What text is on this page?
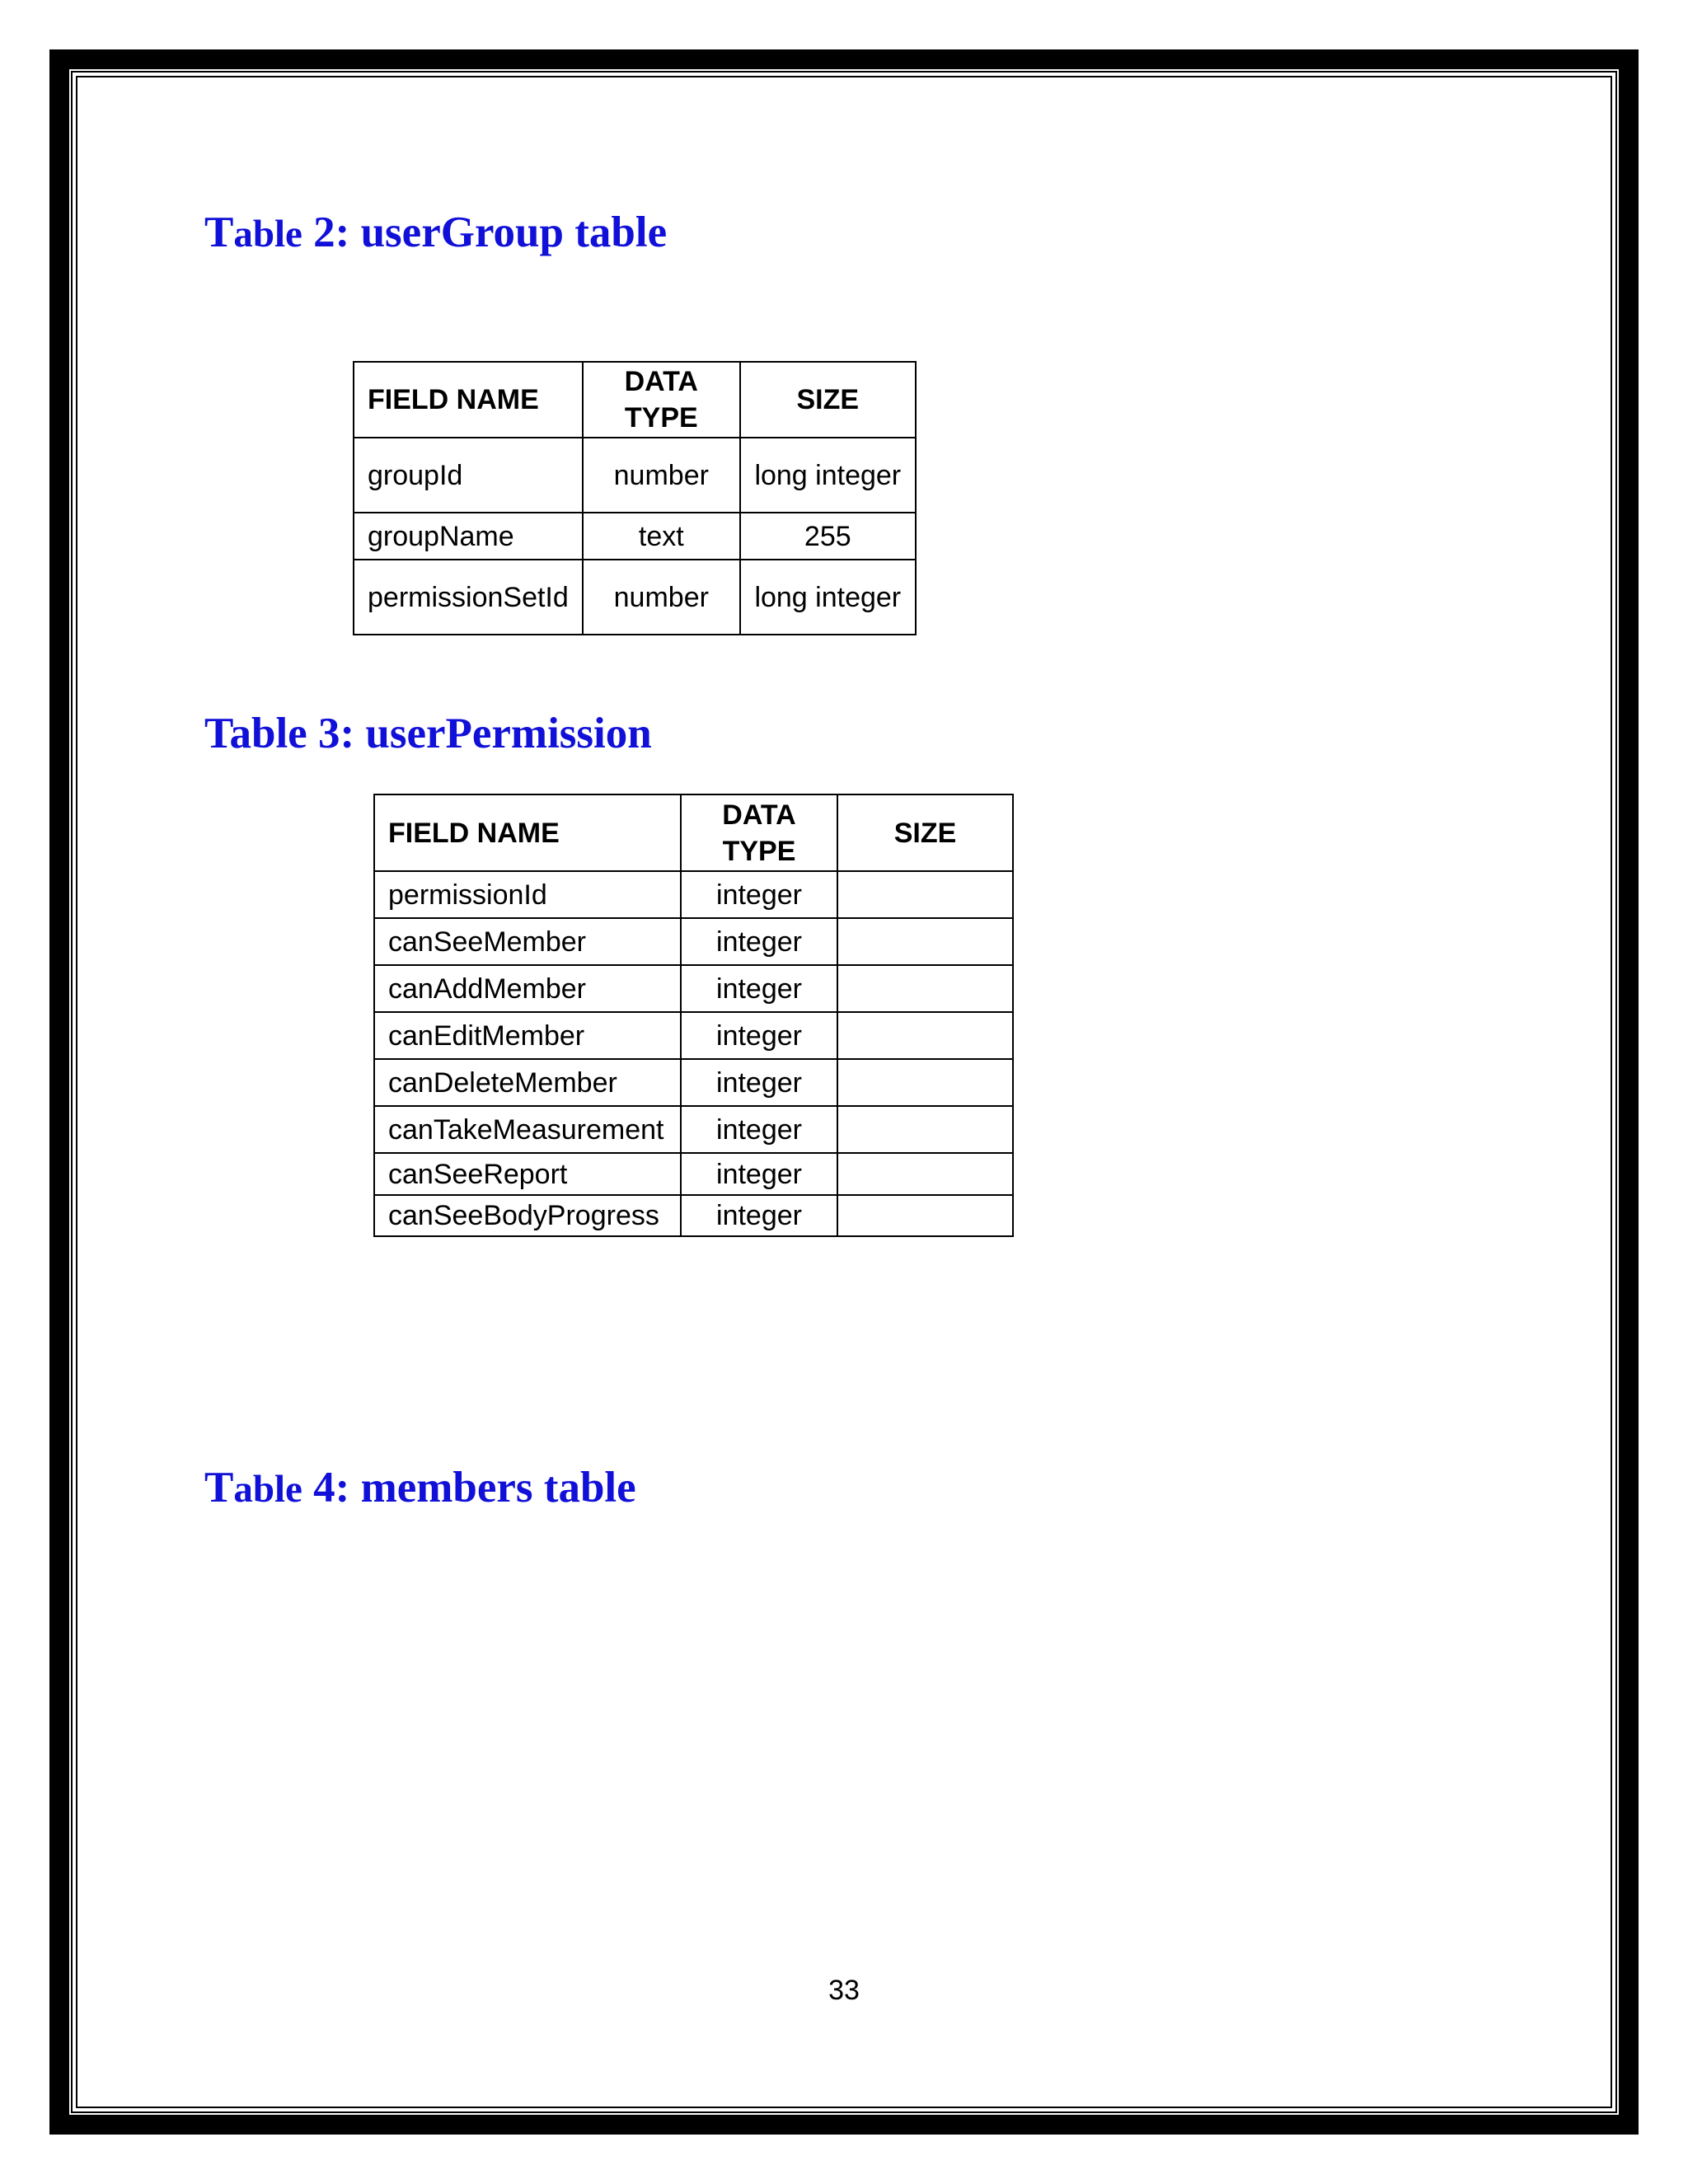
Table 2: userGroup table
FIELD NAME	DATA TYPE	SIZE
groupId	number	long integer
groupName	text	255
permissionSetId	number	long integer
Table 3: userPermission
FIELD NAME	DATA TYPE	SIZE
permissionId	integer	
canSeeMember	integer	
canAddMember	integer	
canEditMember	integer	
canDeleteMember	integer	
canTakeMeasurement	integer	
canSeeReport	integer	
canSeeBodyProgress	integer	
Table 4: members table
33
